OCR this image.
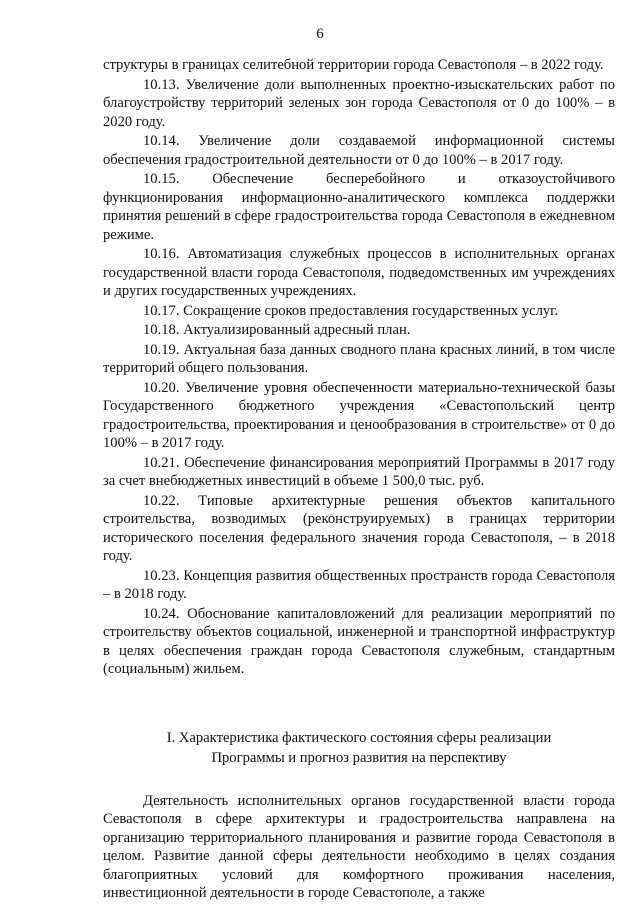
6

структуры в границах селитебной территории города Севастополя – в 2022 году.

10.13. Увеличение доли выполненных проектно-изыскательских работ по благоустройству территорий зеленых зон города Севастополя от 0 до 100% – в 2020 году.

10.14. Увеличение доли создаваемой информационной системы обеспечения градостроительной деятельности от 0 до 100% – в 2017 году.

10.15. Обеспечение бесперебойного и отказоустойчивого функционирования информационно-аналитического комплекса поддержки принятия решений в сфере градостроительства города Севастополя в ежедневном режиме.

10.16. Автоматизация служебных процессов в исполнительных органах государственной власти города Севастополя, подведомственных им учреждениях и других государственных учреждениях.

10.17. Сокращение сроков предоставления государственных услуг.

10.18. Актуализированный адресный план.

10.19. Актуальная база данных сводного плана красных линий, в том числе территорий общего пользования.

10.20. Увеличение уровня обеспеченности материально-технической базы Государственного бюджетного учреждения «Севастопольский центр градостроительства, проектирования и ценообразования в строительстве» от 0 до 100% – в 2017 году.

10.21. Обеспечение финансирования мероприятий Программы в 2017 году за счет внебюджетных инвестиций в объеме 1 500,0 тыс. руб.

10.22. Типовые архитектурные решения объектов капитального строительства, возводимых (реконструируемых) в границах территории исторического поселения федерального значения города Севастополя, – в 2018 году.

10.23. Концепция развития общественных пространств города Севастополя – в 2018 году.

10.24. Обоснование капиталовложений для реализации мероприятий по строительству объектов социальной, инженерной и транспортной инфраструктур в целях обеспечения граждан города Севастополя служебным, стандартным (социальным) жильем.

I. Характеристика фактического состояния сферы реализации
Программы и прогноз развития на перспективу

Деятельность исполнительных органов государственной власти города Севастополя в сфере архитектуры и градостроительства направлена на организацию территориального планирования и развитие города Севастополя в целом. Развитие данной сферы деятельности необходимо в целях создания благоприятных условий для комфортного проживания населения, инвестиционной деятельности в городе Севастополе, а также
